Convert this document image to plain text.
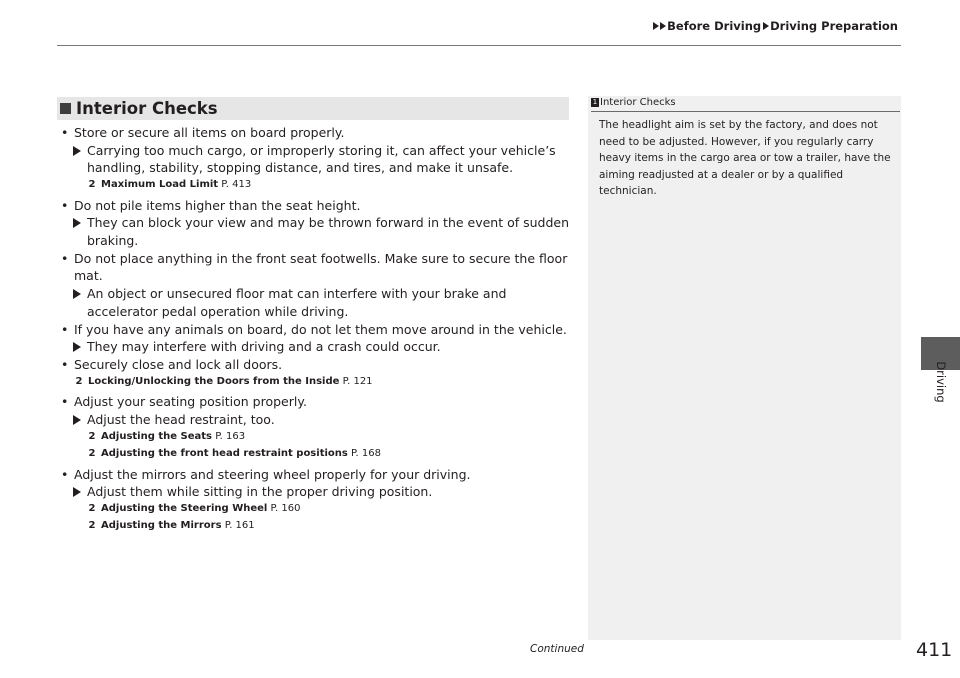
Before Driving Driving Preparation
Interior Checks
• Store or secure all items on board properly.
Carrying too much cargo, or improperly storing it, can affect your vehicle’s handling, stability, stopping distance, and tires, and make it unsafe.
2 Maximum Load Limit P. 413
• Do not pile items higher than the seat height.
They can block your view and may be thrown forward in the event of sudden braking.
• Do not place anything in the front seat footwells. Make sure to secure the floor mat.
An object or unsecured floor mat can interfere with your brake and accelerator pedal operation while driving.
• If you have any animals on board, do not let them move around in the vehicle.
They may interfere with driving and a crash could occur.
• Securely close and lock all doors.
2 Locking/Unlocking the Doors from the Inside P. 121
• Adjust your seating position properly.
Adjust the head restraint, too.
2 Adjusting the Seats P. 163
2 Adjusting the front head restraint positions P. 168
• Adjust the mirrors and steering wheel properly for your driving.
Adjust them while sitting in the proper driving position.
2 Adjusting the Steering Wheel P. 160
2 Adjusting the Mirrors P. 161
1 Interior Checks
The headlight aim is set by the factory, and does not need to be adjusted. However, if you regularly carry heavy items in the cargo area or tow a trailer, have the aiming readjusted at a dealer or by a qualified technician.
Driving
Continued	411
